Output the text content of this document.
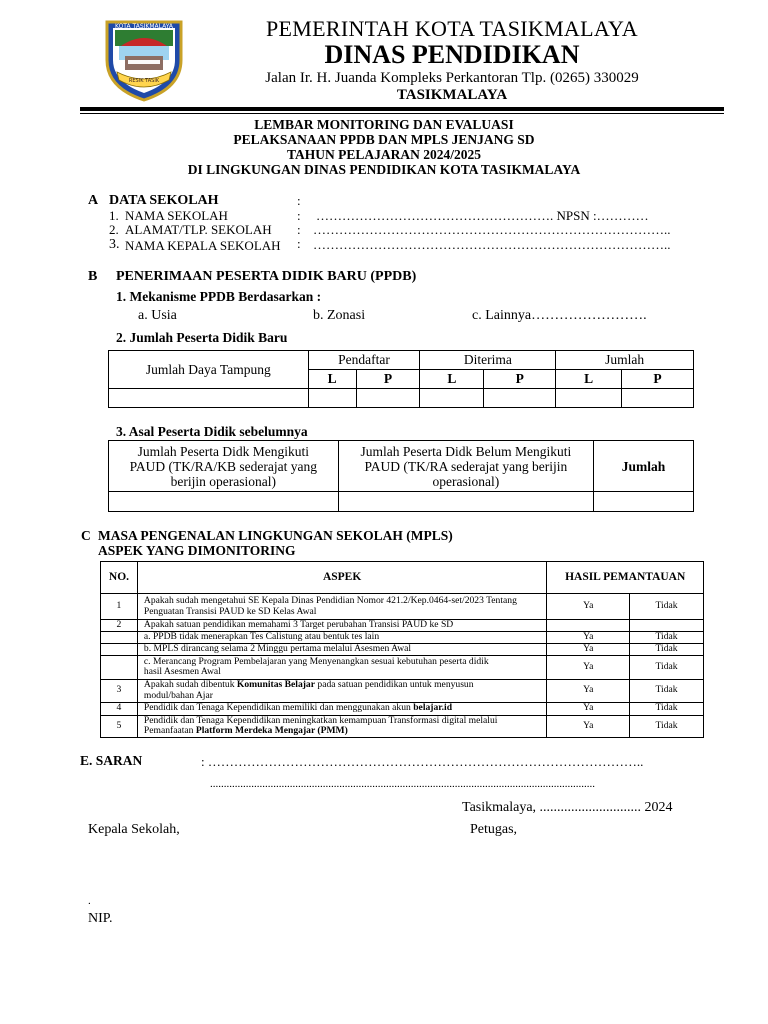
KOTA TASIKMALAYA
RESIK TASIK
PEMERINTAH KOTA TASIKMALAYA
DINAS PENDIDIKAN
Jalan Ir. H. Juanda Kompleks Perkantoran Tlp. (0265) 330029
TASIKMALAYA
LEMBAR MONITORING DAN EVALUASI
PELAKSANAAN PPDB DAN MPLS JENJANG SD
TAHUN PELAJARAN 2024/2025
DI LINGKUNGAN DINAS PENDIDIKAN KOTA TASIKMALAYA
A DATA SEKOLAH	:
1. NAMA SEKOLAH	: ………………………………………………. NPSN :…………
2. ALAMAT/TLP. SEKOLAH : ………………………………………………………………………..
3. NAMA KEPALA SEKOLAH : ………………………………………………………………………..
B PENERIMAAN PESERTA DIDIK BARU (PPDB)
1. Mekanisme PPDB Berdasarkan :
a. Usia	b. Zonasi	c. Lainnya…………………….
2. Jumlah Peserta Didik Baru
Jumlah Daya Tampung	Pendaftar		Diterima		Jumlah	
	L	P	L	P	L	P

3. Asal Peserta Didik sebelumnya
Jumlah Peserta Didk Mengikuti PAUD (TK/RA/KB sederajat yang berijin operasional)	Jumlah Peserta Didk Belum Mengikuti PAUD (TK/RA sederajat yang berijin operasional)	Jumlah

C MASA PENGENALAN LINGKUNGAN SEKOLAH (MPLS)
ASPEK YANG DIMONITORING
NO.	ASPEK	HASIL PEMANTAUAN	
1	Apakah sudah mengetahui SE Kepala Dinas Pendidian Nomor 421.2/Kep.0464-set/2023 Tentang Penguatan Transisi PAUD ke SD Kelas Awal	Ya	Tidak
2	Apakah satuan pendidikan memahami 3 Target perubahan Transisi PAUD ke SD		
	a. PPDB tidak menerapkan Tes Calistung atau bentuk tes lain	Ya	Tidak
	b. MPLS dirancang selama 2 Minggu pertama melalui Asesmen Awal	Ya	Tidak
	c. Merancang Program Pembelajaran yang Menyenangkan sesuai kebutuhan peserta didik hasil Asesmen Awal	Ya	Tidak
3	Apakah sudah dibentuk Komunitas Belajar pada satuan pendidikan untuk menyusun modul/bahan Ajar	Ya	Tidak
4	Pendidik dan Tenaga Kependidikan memiliki dan menggunakan akun belajar.id	Ya	Tidak
5	Pendidik dan Tenaga Kependidikan meningkatkan kemampuan Transformasi digital melalui Pemanfaatan Platform Merdeka Mengajar (PMM)	Ya	Tidak
E. SARAN	: ………………………………………………………………………………………..
............................................................................................................................................
Tasikmalaya, ............................. 2024
Kepala Sekolah,	Petugas,
.
NIP.
